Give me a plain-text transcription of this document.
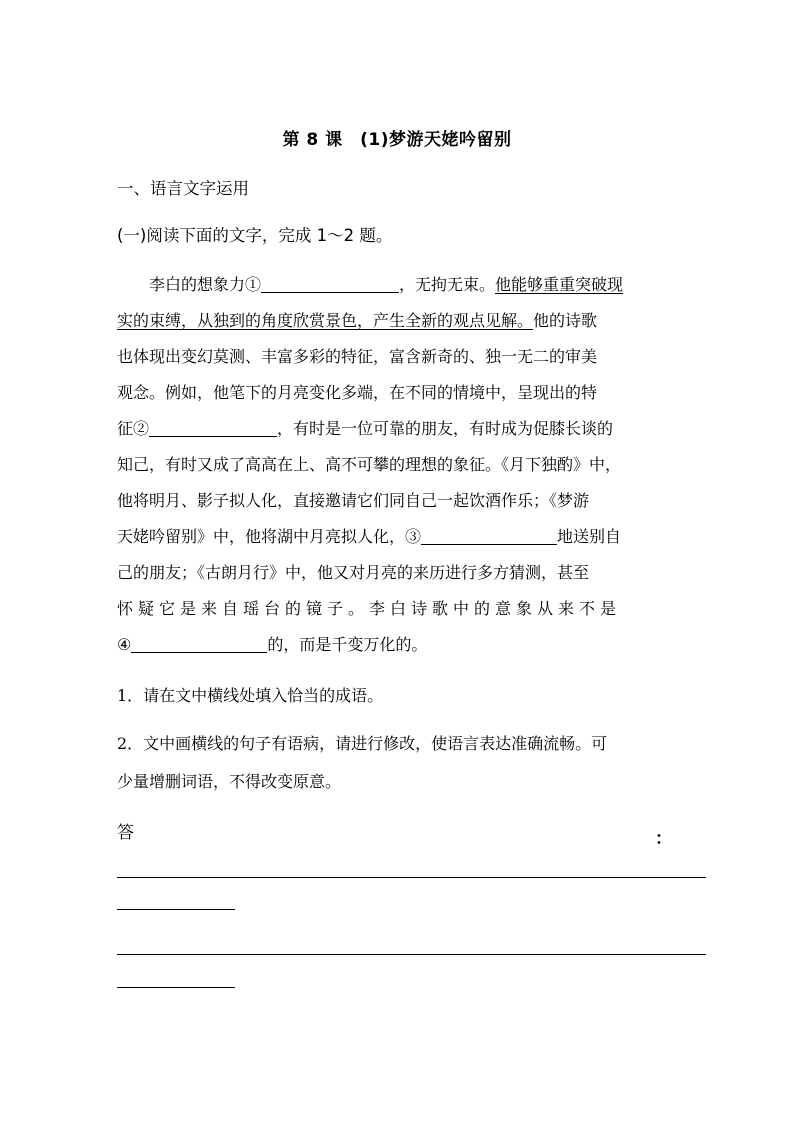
第 8 课　(1)梦游天姥吟留别
一、语言文字运用
(一)阅读下面的文字，完成 1～2 题。
李白的想象力①	，无拘无束。他能够重重突破现
实的束缚，从独到的角度欣赏景色，产生全新的观点见解。他的诗歌
也体现出变幻莫测、丰富多彩的特征，富含新奇的、独一无二的审美
观念。例如，他笔下的月亮变化多端，在不同的情境中，呈现出的特
征②	，有时是一位可靠的朋友，有时成为促膝长谈的
知己，有时又成了高高在上、高不可攀的理想的象征。《月下独酌》中，
他将明月、影子拟人化，直接邀请它们同自己一起饮酒作乐；《梦游
天姥吟留别》中，他将湖中月亮拟人化，③	地送别自
己的朋友；《古朗月行》中，他又对月亮的来历进行多方猜测，甚至
怀疑它是来自瑶台的镜子。李白诗歌中的意象从来不是
④	的，而是千变万化的。
1．请在文中横线处填入恰当的成语。
2．文中画横线的句子有语病，请进行修改，使语言表达准确流畅。可
少量增删词语，不得改变原意。
答	：
